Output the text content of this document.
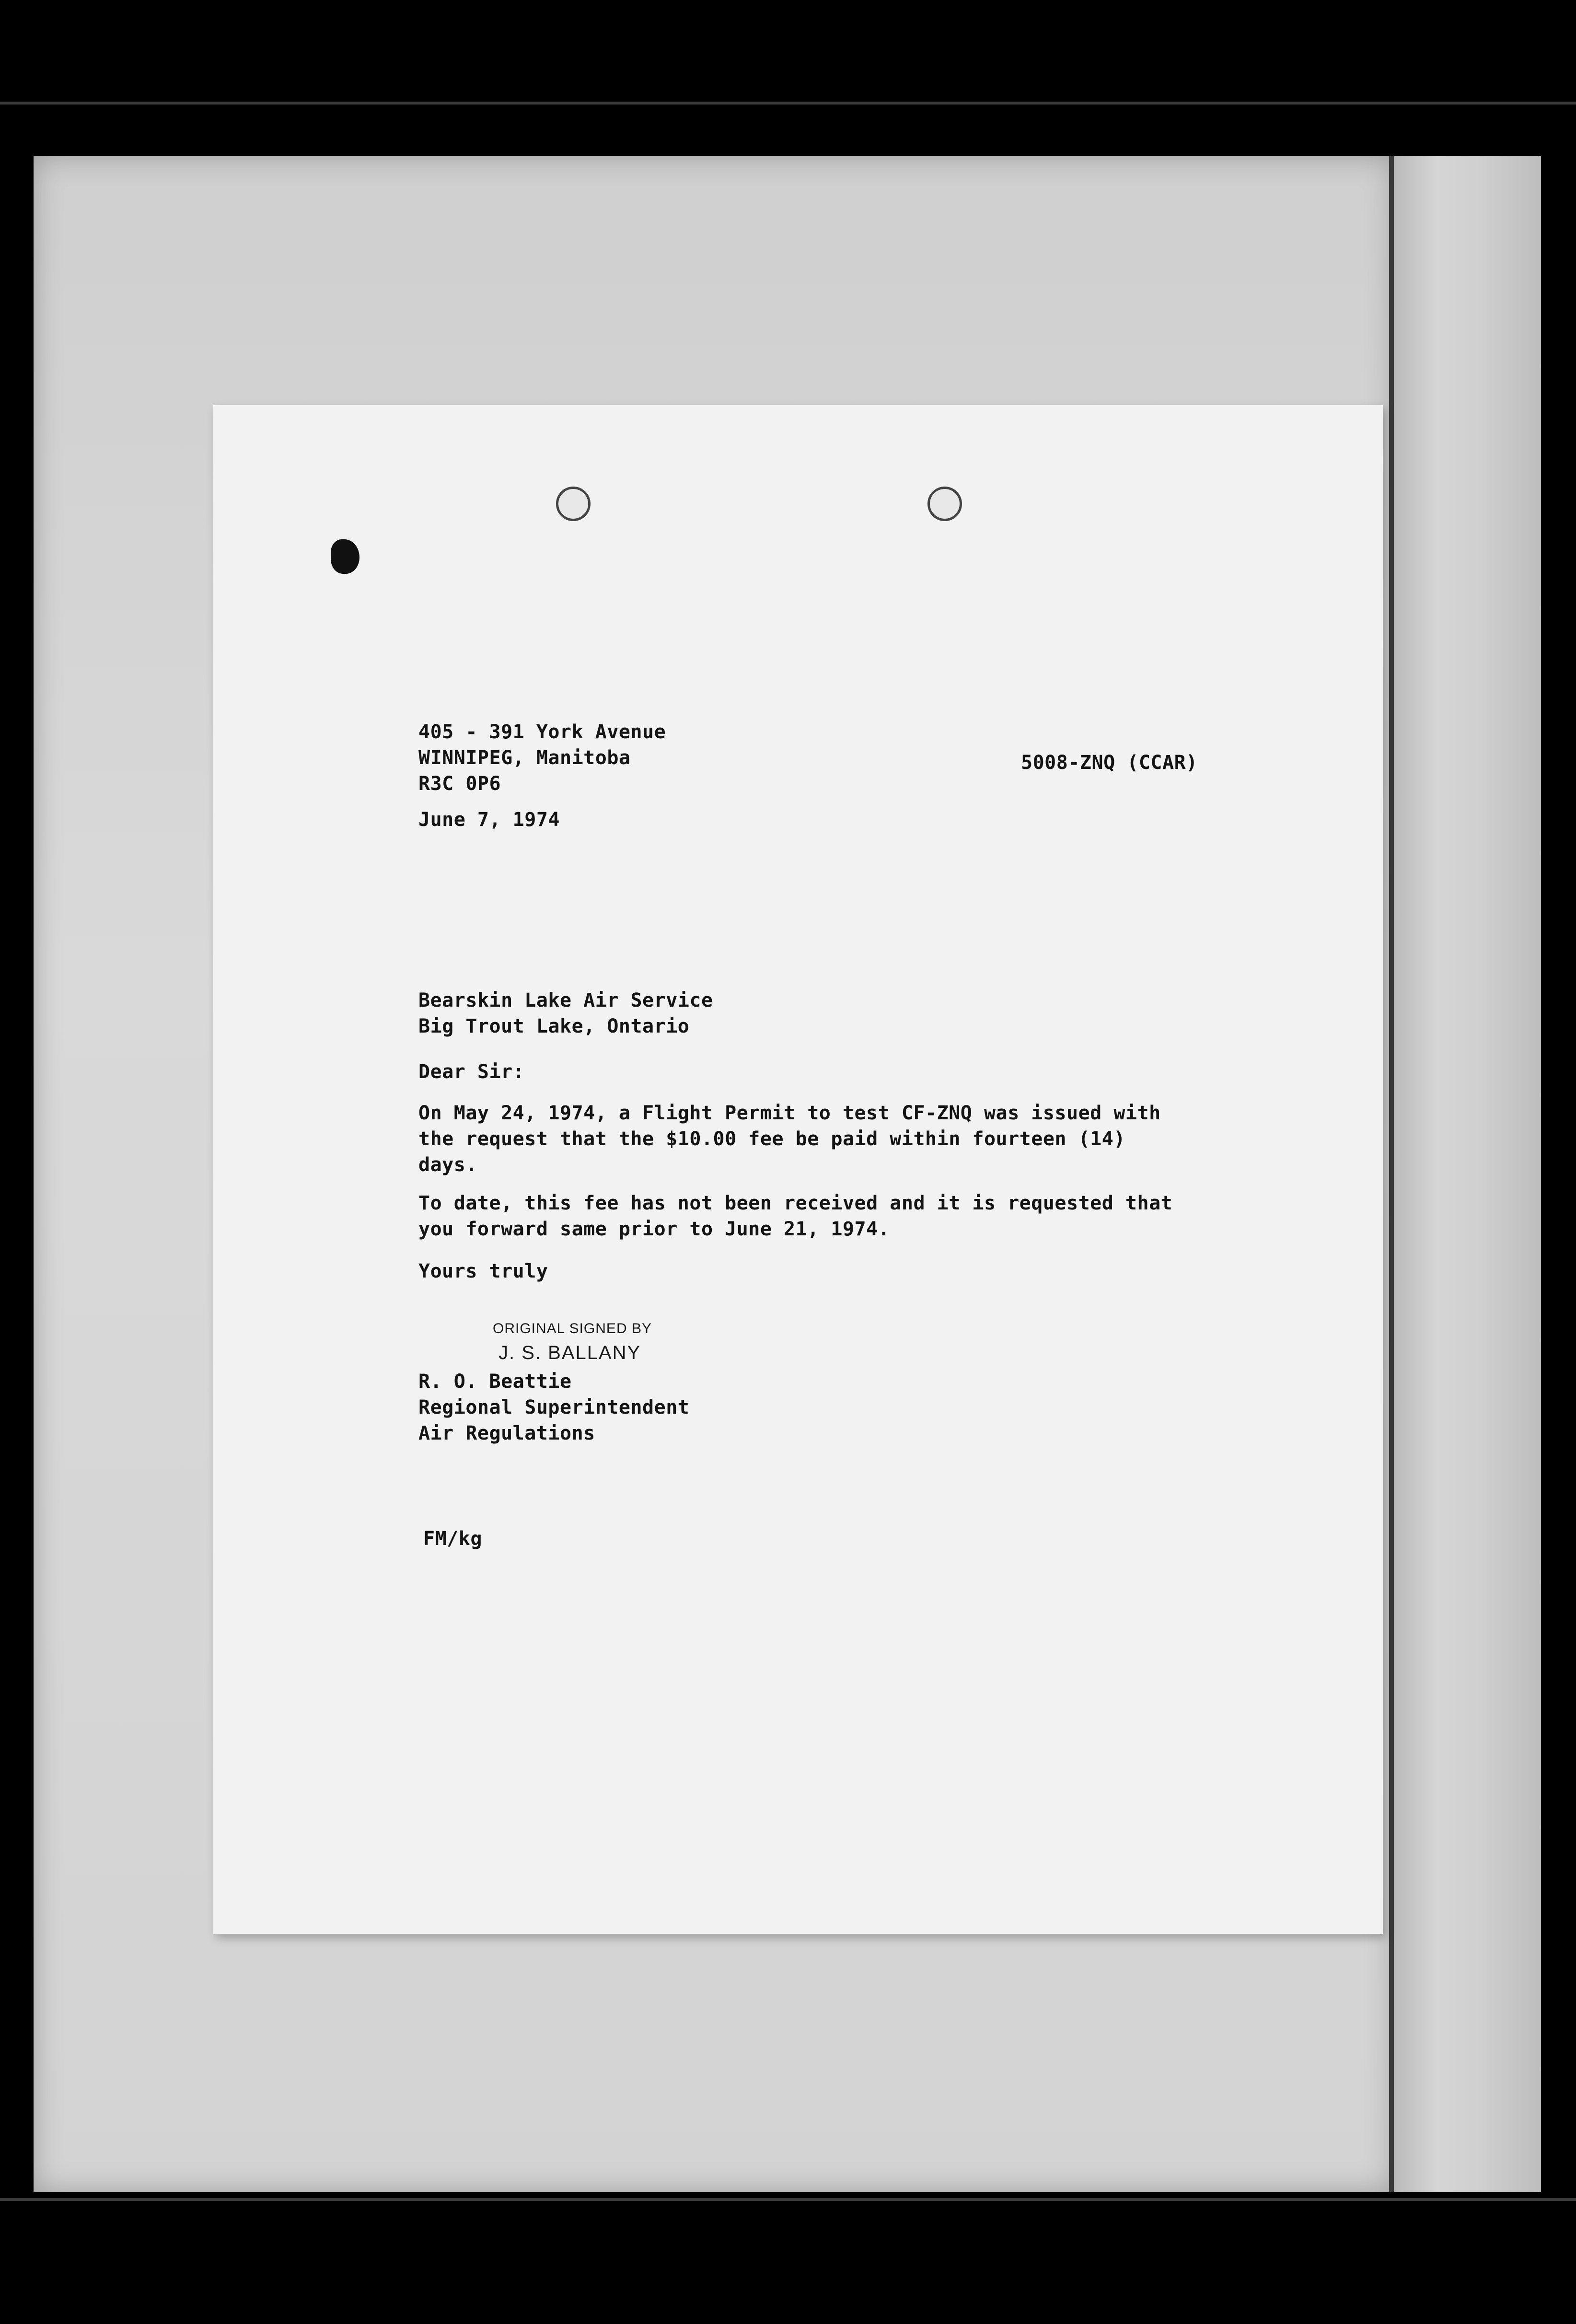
405 - 391 York Avenue
WINNIPEG, Manitoba
R3C 0P6
5008-ZNQ (CCAR)
June 7, 1974
Bearskin Lake Air Service
Big Trout Lake, Ontario
Dear Sir:
On May 24, 1974, a Flight Permit to test CF-ZNQ was issued with
the request that the $10.00 fee be paid within fourteen (14)
days.
To date, this fee has not been received and it is requested that
you forward same prior to June 21, 1974.
Yours truly
ORIGINAL SIGNED BY
J. S. BALLANY
R. O. Beattie
Regional Superintendent
Air Regulations
FM/kg
